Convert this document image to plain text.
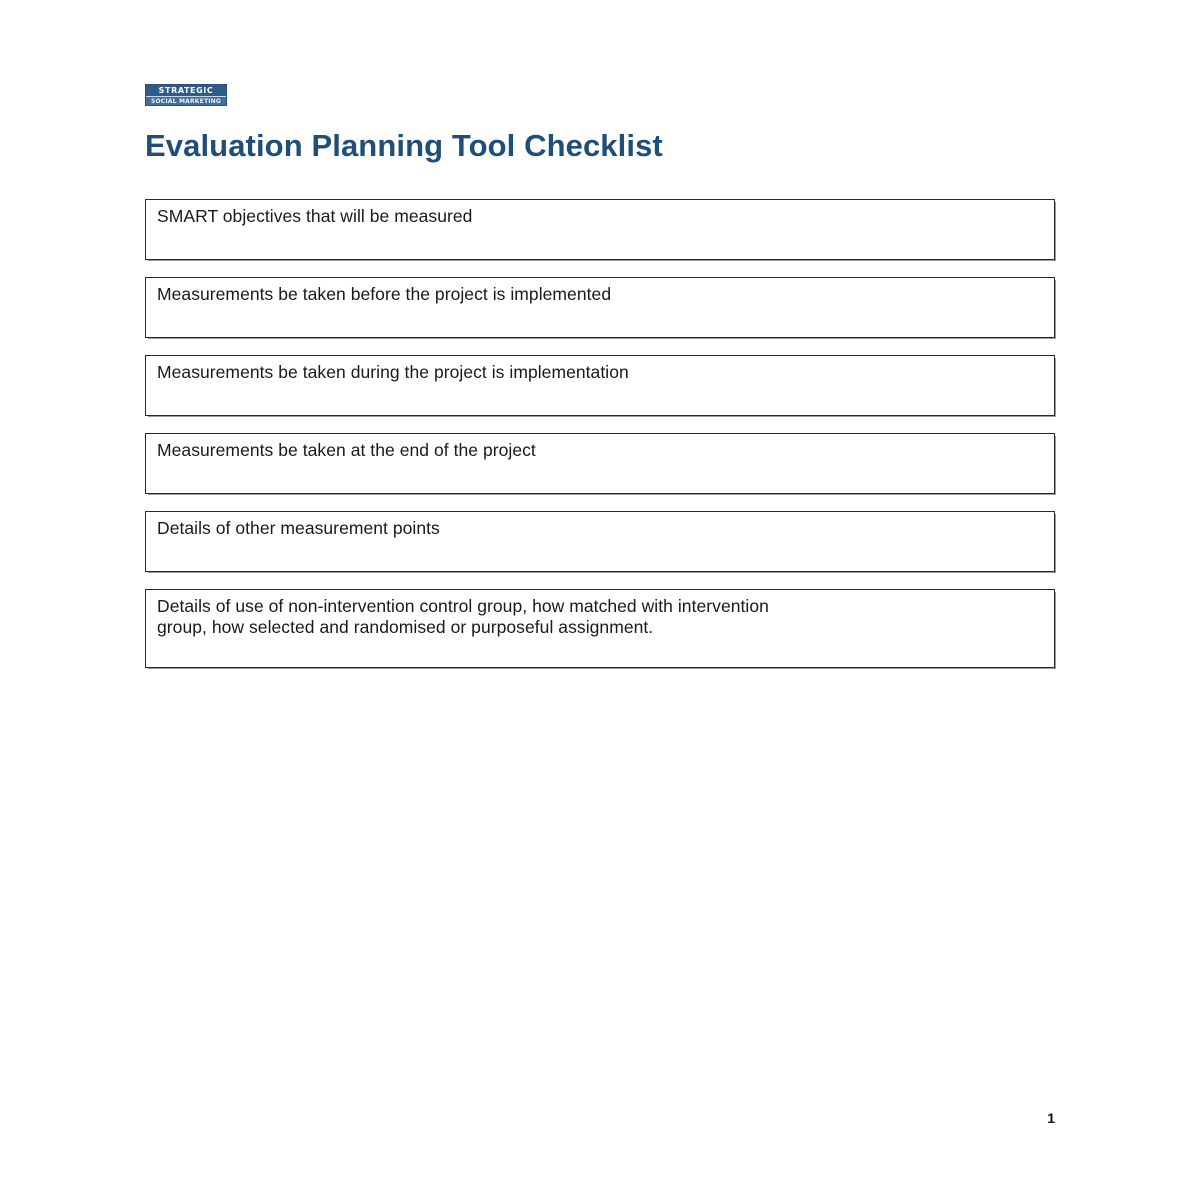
STRATEGIC
SOCIAL MARKETING
Evaluation Planning Tool Checklist
SMART objectives that will be measured
Measurements be taken before the project is implemented
Measurements be taken during the project is implementation
Measurements be taken at the end of the project
Details of other measurement points
Details of use of non-intervention control group, how matched with intervention
group, how selected and randomised or purposeful assignment.
1
